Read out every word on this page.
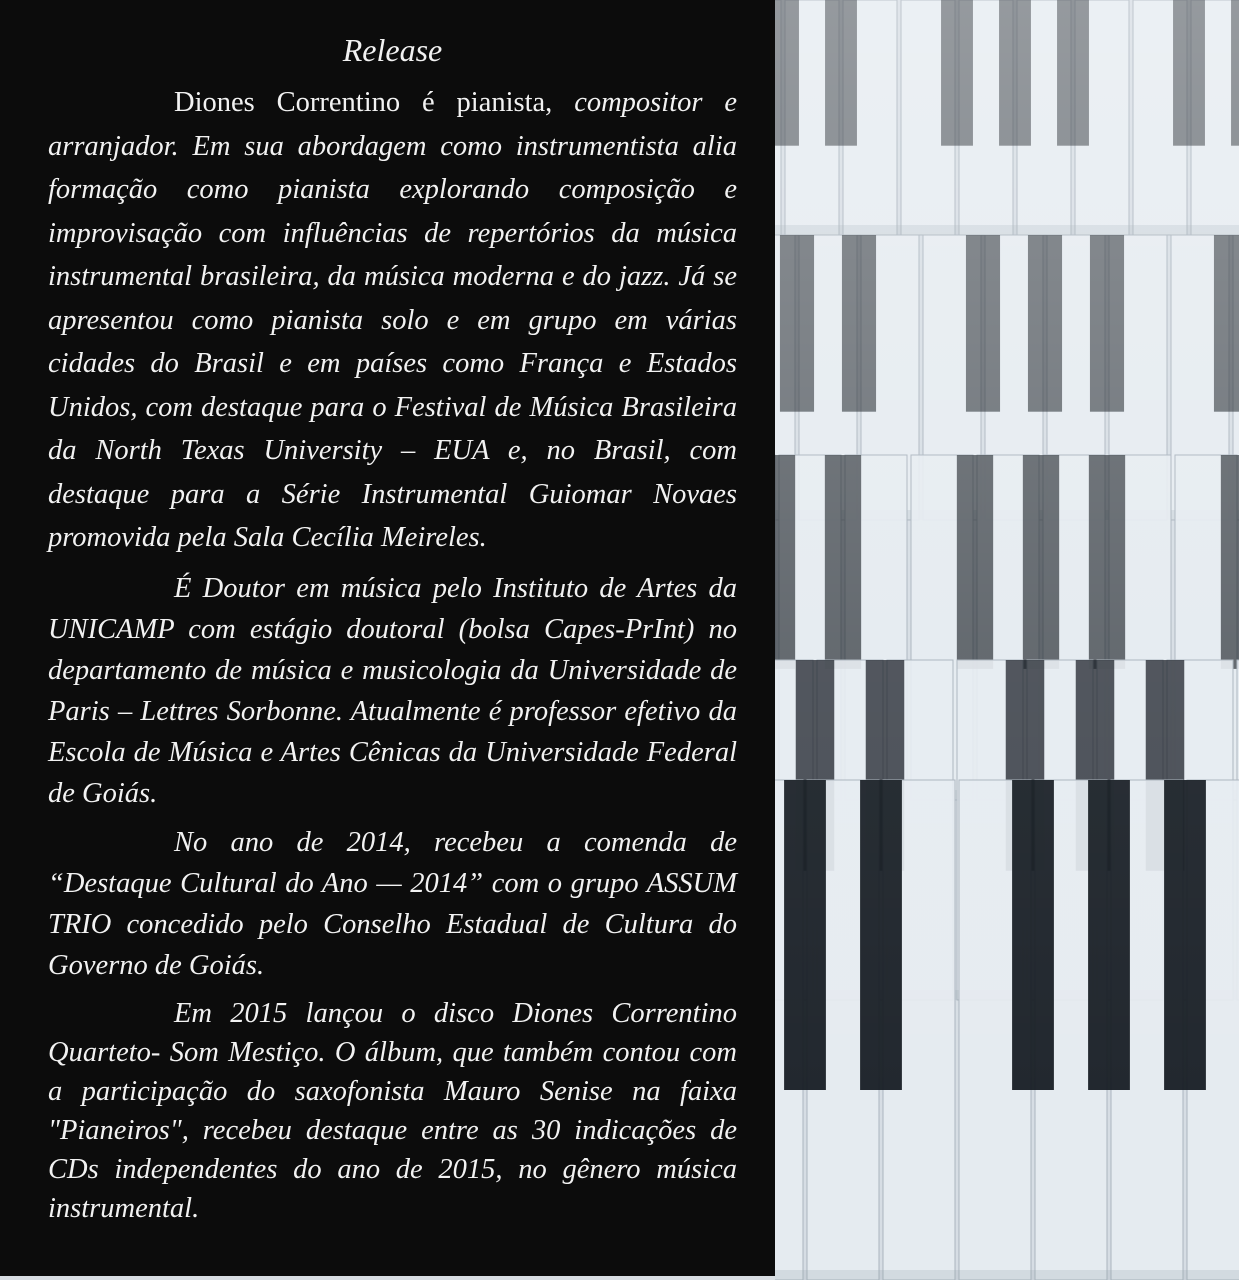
Release

Diones Correntino é pianista, compositor e arranjador. Em sua abordagem como instrumentista alia formação como pianista explorando composição e improvisação com influências de repertórios da música instrumental brasileira, da música moderna e do jazz. Já se apresentou como pianista solo e em grupo em várias cidades do Brasil e em países como França e Estados Unidos, com destaque para o Festival de Música Brasileira da North Texas University – EUA e, no Brasil, com destaque para a Série Instrumental Guiomar Novaes promovida pela Sala Cecília Meireles.

É Doutor em música pelo Instituto de Artes da UNICAMP com estágio doutoral (bolsa Capes-PrInt) no departamento de música e musicologia da Universidade de Paris – Lettres Sorbonne. Atualmente é professor efetivo da Escola de Música e Artes Cênicas da Universidade Federal de Goiás.

No ano de 2014, recebeu a comenda de “Destaque Cultural do Ano — 2014” com o grupo ASSUM TRIO concedido pelo Conselho Estadual de Cultura do Governo de Goiás.

Em 2015 lançou o disco Diones Correntino Quarteto- Som Mestiço. O álbum, que também contou com a participação do saxofonista Mauro Senise na faixa "Pianeiros", recebeu destaque entre as 30 indicações de CDs independentes do ano de 2015, no gênero música instrumental.
